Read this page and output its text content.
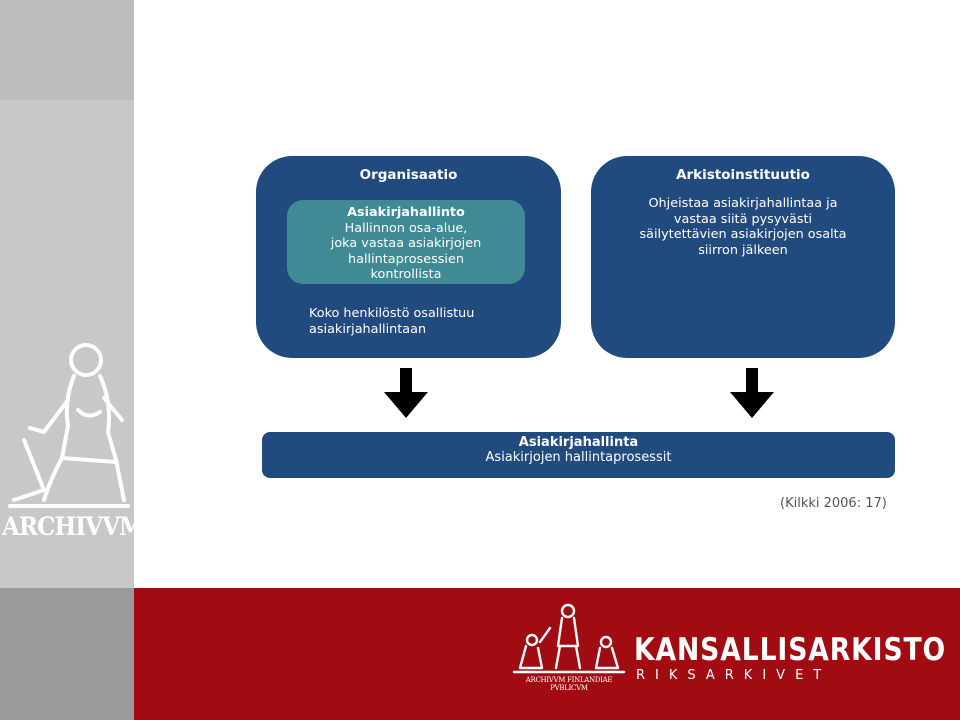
ARCHIVVM
Organisaatio
Asiakirjahallinto
Hallinnon osa-alue,
joka vastaa asiakirjojen
hallintaprosessien
kontrollista
Koko henkilöstö osallistuu
asiakirjahallintaan
Arkistoinstituutio
Ohjeistaa asiakirjahallintaa ja
vastaa siitä pysyvästi
säilytettävien asiakirjojen osalta
siirron jälkeen
Asiakirjahallinta
Asiakirjojen hallintaprosessit
(Kilkki 2006: 17)
ARCHIVVM FINLANDIAE PVBLICVM
KANSALLISARKISTO
RIKSARKIVET
